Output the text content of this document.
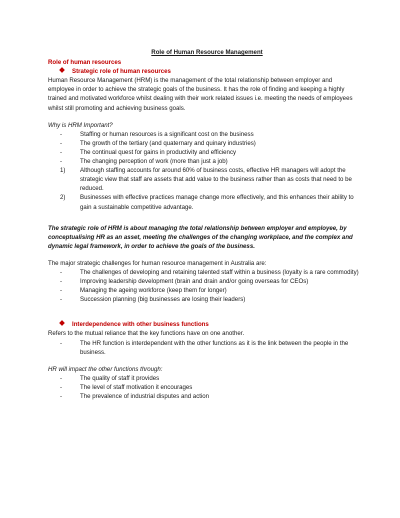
Role of Human Resource Management
Role of human resources
Strategic role of human resources

Human Resource Management (HRM) is the management of the total relationship between employer and employee in order to achieve the strategic goals of the business. It has the role of finding and keeping a highly trained and motivated workforce whilst dealing with their work related issues i.e. meeting the needs of employees whilst still promoting and achieving business goals.

Why is HRM Important?

-	Staffing or human resources is a significant cost on the business
-	The growth of the tertiary (and quaternary and quinary industries)
-	The continual quest for gains in productivity and efficiency
-	The changing perception of work (more than just a job)
1)	Although staffing accounts for around 60% of business costs, effective HR managers will adopt the strategic view that staff are assets that add value to the business rather than as costs that need to be reduced.
2)	Businesses with effective practices manage change more effectively, and this enhances their ability to gain a sustainable competitive advantage.

The strategic role of HRM is about managing the total relationship between employer and employee, by conceptualising HR as an asset, meeting the challenges of the changing workplace, and the complex and dynamic legal framework, in order to achieve the goals of the business.

The major strategic challenges for human resource management in Australia are:

-	The challenges of developing and retaining talented staff within a business (loyalty is a rare commodity)
-	Improving leadership development (brain and drain and/or going overseas for CEOs)
-	Managing the ageing workforce (keep them for longer)
-	Succession planning (big businesses are losing their leaders)
Interdependence with other business functions

Refers to the mutual reliance that the key functions have on one another.

-	The HR function is interdependent with the other functions as it is the link between the people in the business.

HR will impact the other functions through:

-	The quality of staff it provides
-	The level of staff motivation it encourages
-	The prevalence of industrial disputes and action
